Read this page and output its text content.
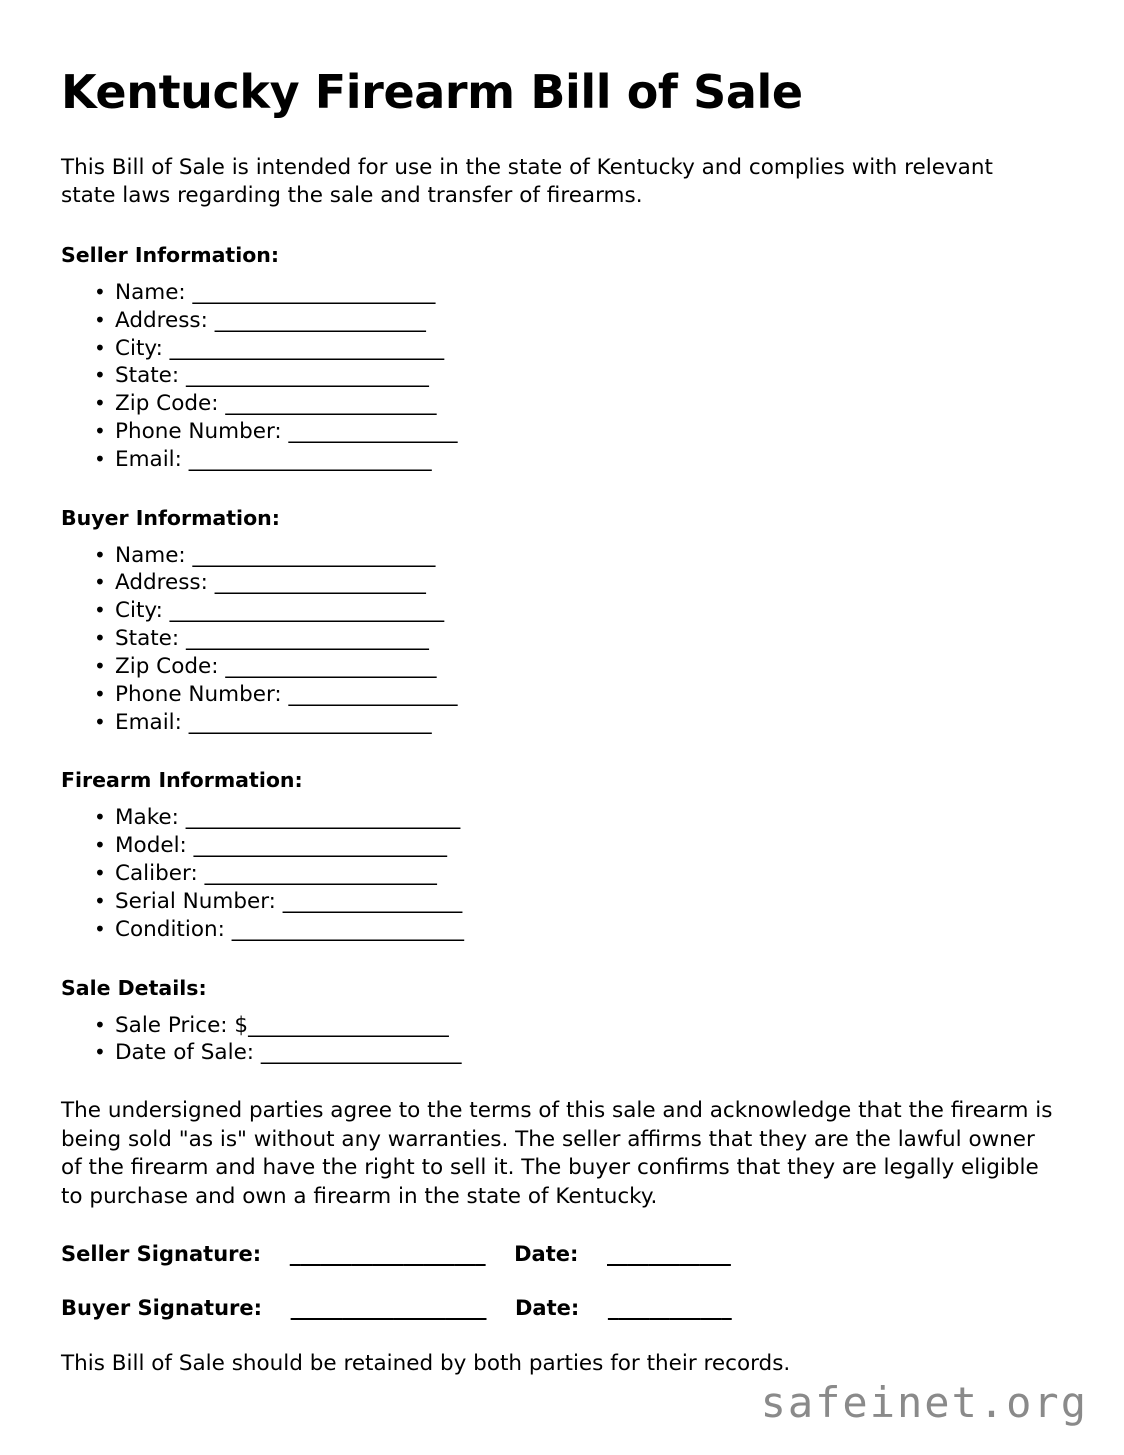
Kentucky Firearm Bill of Sale

This Bill of Sale is intended for use in the state of Kentucky and complies with relevant state laws regarding the sale and transfer of firearms.

Seller Information:
• Name: _______________________
• Address: ____________________
• City: __________________________
• State: _______________________
• Zip Code: ____________________
• Phone Number: ________________
• Email: _______________________
Buyer Information:
• Name: _______________________
• Address: ____________________
• City: __________________________
• State: _______________________
• Zip Code: ____________________
• Phone Number: ________________
• Email: _______________________
Firearm Information:
• Make: __________________________
• Model: ________________________
• Caliber: ______________________
• Serial Number: _________________
• Condition: ______________________
Sale Details:
• Sale Price: $___________________
• Date of Sale: ___________________

The undersigned parties agree to the terms of this sale and acknowledge that the firearm is being sold "as is" without any warranties. The seller affirms that they are the lawful owner of the firearm and have the right to sell it. The buyer confirms that they are legally eligible to purchase and own a firearm in the state of Kentucky.

Seller Signature: ___________________ Date: ____________
Buyer Signature: ___________________ Date: ____________

This Bill of Sale should be retained by both parties for their records.

safeinet.org
